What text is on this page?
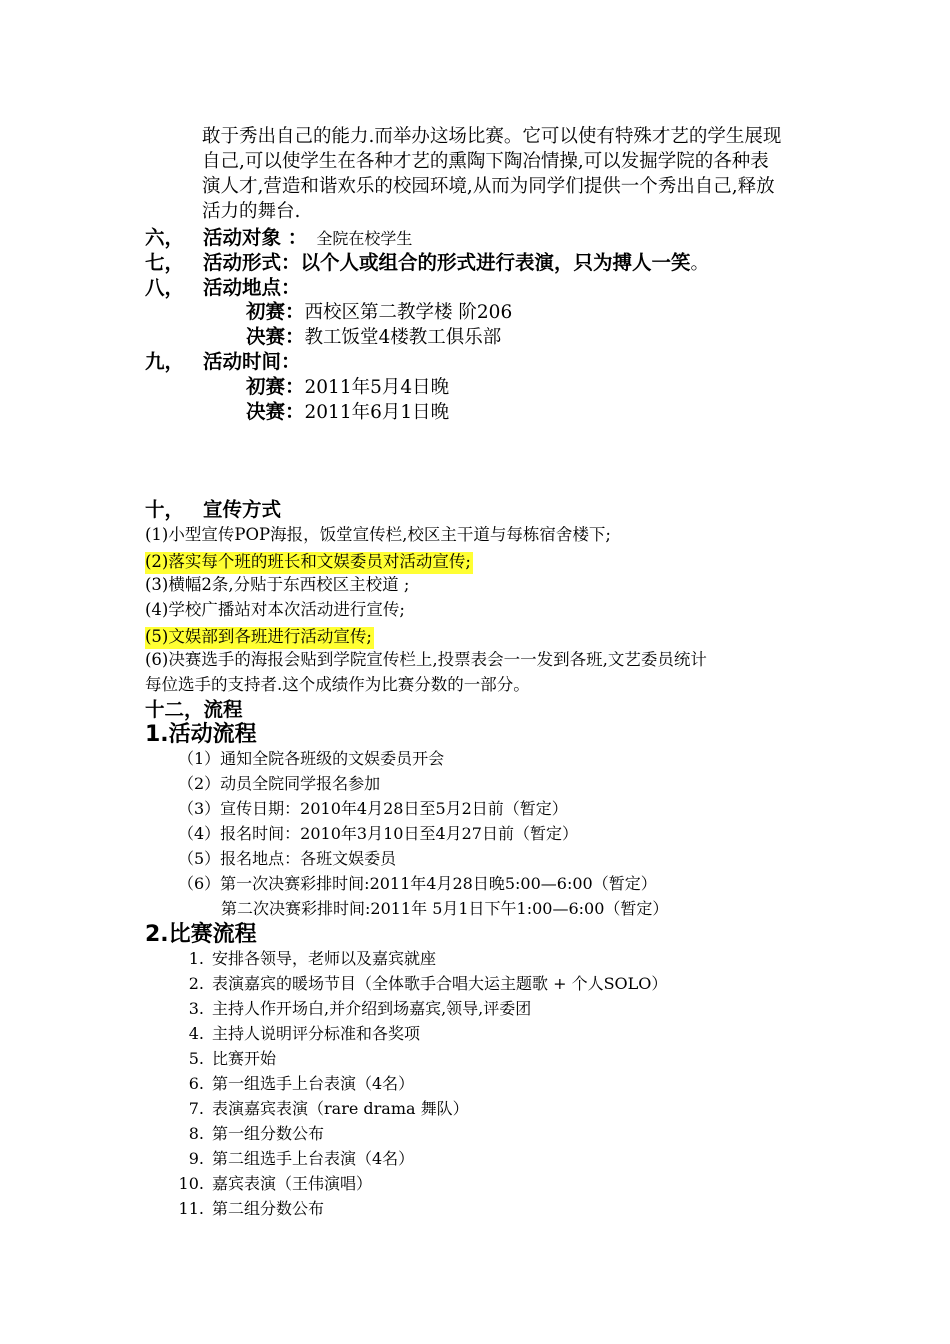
敢于秀出自己的能力.而举办这场比赛。它可以使有特殊才艺的学生展现
自己,可以使学生在各种才艺的熏陶下陶冶情操,可以发掘学院的各种表
演人才,营造和谐欢乐的校园环境,从而为同学们提供一个秀出自己,释放
活力的舞台.
六， 活动对象 ： 全院在校学生
七， 活动形式：以个人或组合的形式进行表演，只为搏人一笑。
八， 活动地点：
初赛：西校区第二教学楼 阶206
决赛：教工饭堂4楼教工俱乐部
九， 活动时间：
初赛：2011年5月4日晚
决赛：2011年6月1日晚
十， 宣传方式
(1)小型宣传POP海报，饭堂宣传栏,校区主干道与每栋宿舍楼下;
(2)落实每个班的班长和文娱委员对活动宣传;
(3)横幅2条,分贴于东西校区主校道 ;
(4)学校广播站对本次活动进行宣传;
(5)文娱部到各班进行活动宣传;
(6)决赛选手的海报会贴到学院宣传栏上,投票表会一一发到各班,文艺委员统计
每位选手的支持者.这个成绩作为比赛分数的一部分。
十二，流程
1.活动流程
（1）通知全院各班级的文娱委员开会
（2）动员全院同学报名参加
（3）宣传日期：2010年4月28日至5月2日前（暂定）
（4）报名时间：2010年3月10日至4月27日前（暂定）
（5）报名地点：各班文娱委员
（6）第一次决赛彩排时间:2011年4月28日晚5:00—6:00（暂定）
第二次决赛彩排时间:2011年 5月1日下午1:00—6:00（暂定）
2.比赛流程
1. 安排各领导，老师以及嘉宾就座
2. 表演嘉宾的暖场节目（全体歌手合唱大运主题歌 + 个人SOLO）
3. 主持人作开场白,并介绍到场嘉宾,领导,评委团
4. 主持人说明评分标准和各奖项
5. 比赛开始
6. 第一组选手上台表演（4名）
7. 表演嘉宾表演（rare drama 舞队）
8. 第一组分数公布
9. 第二组选手上台表演（4名）
10. 嘉宾表演（王伟演唱）
11. 第二组分数公布
